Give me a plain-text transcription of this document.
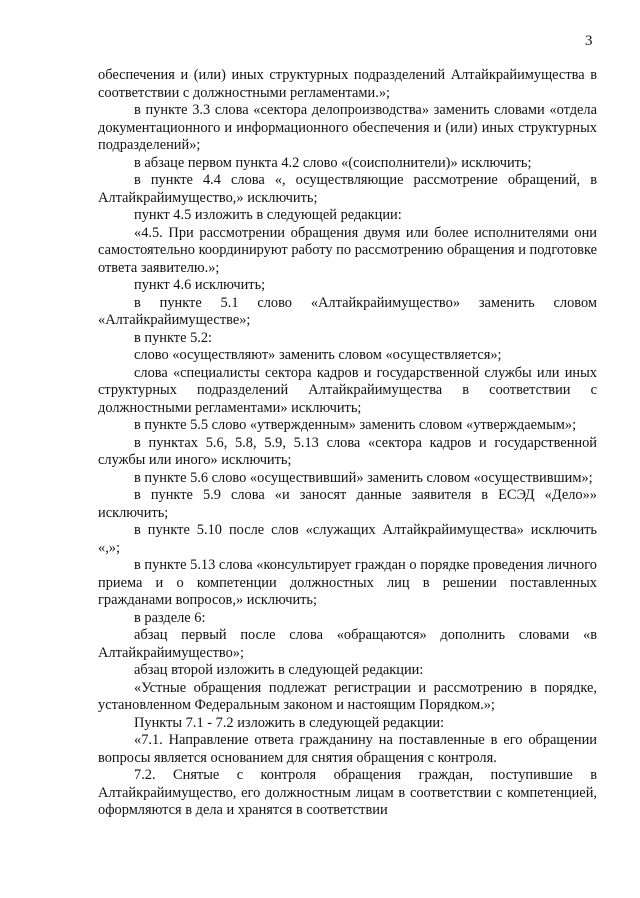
3

обеспечения и (или) иных структурных подразделений Алтайкрайимущества в соответствии с должностными регламентами.»;

в пункте 3.3 слова «сектора делопроизводства» заменить словами «отдела документационного и информационного обеспечения и (или) иных структурных подразделений»;

в абзаце первом пункта 4.2 слово «(соисполнители)» исключить;

в пункте 4.4 слова «, осуществляющие рассмотрение обращений, в Алтайкрайимущество,» исключить;

пункт 4.5 изложить в следующей редакции:

«4.5. При рассмотрении обращения двумя или более исполнителями они самостоятельно координируют работу по рассмотрению обращения и подготовке ответа заявителю.»;

пункт 4.6 исключить;

в пункте 5.1 слово «Алтайкрайимущество» заменить словом «Алтайкрайимуществе»;

в пункте 5.2:

слово «осуществляют» заменить словом «осуществляется»;

слова «специалисты сектора кадров и государственной службы или иных структурных подразделений Алтайкрайимущества в соответствии с должностными регламентами» исключить;

в пункте 5.5 слово «утвержденным» заменить словом «утверждаемым»;

в пунктах 5.6, 5.8, 5.9, 5.13 слова «сектора кадров и государственной службы или иного» исключить;

в пункте 5.6 слово «осуществивший» заменить словом «осуществившим»;

в пункте 5.9 слова «и заносят данные заявителя в ЕСЭД «Дело»» исключить;

в пункте 5.10 после слов «служащих Алтайкрайимущества» исключить «,»;

в пункте 5.13 слова «консультирует граждан о порядке проведения личного приема и о компетенции должностных лиц в решении поставленных гражданами вопросов,» исключить;

в разделе 6:

абзац первый после слова «обращаются» дополнить словами «в Алтайкрайимущество»;

абзац второй изложить в следующей редакции:

«Устные обращения подлежат регистрации и рассмотрению в порядке, установленном Федеральным законом и настоящим Порядком.»;

Пункты 7.1 - 7.2 изложить в следующей редакции:

«7.1. Направление ответа гражданину на поставленные в его обращении вопросы является основанием для снятия обращения с контроля.

7.2. Снятые с контроля обращения граждан, поступившие в Алтайкрайимущество, его должностным лицам в соответствии с компетенцией, оформляются в дела и хранятся в соответствии
